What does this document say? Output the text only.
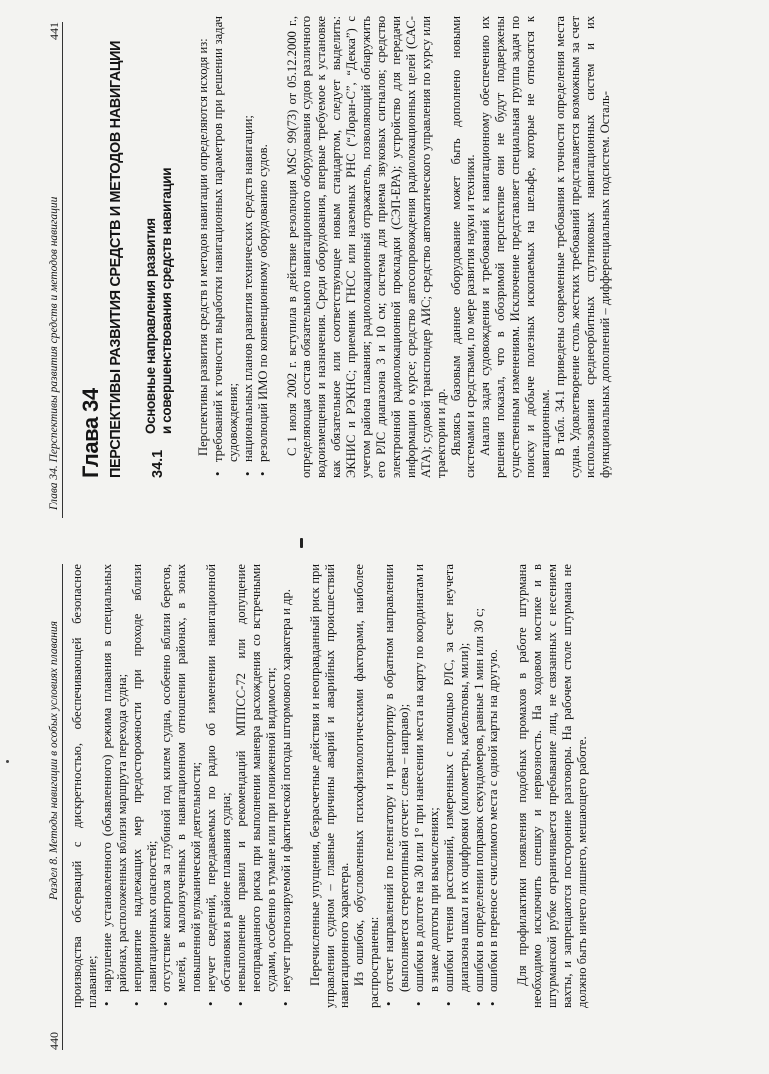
440
Раздел 8. Методы навигации в особых условиях плавания производства обсерваций с дискретностью, обеспечивающей безопасное плавание; •
нарушение установленного (объявленного) режима плавания в специальных районах, расположенных вблизи маршрута перехода судна;
•
непринятие надлежащих мер предосторожности при проходе вблизи навигационных опасностей;
•
отсутствие контроля за глубиной под килем судна, особенно вблизи берегов, мелей, в малоизученных в навигационном отношении районах, в зонах повышенной вулканической деятельности;
•
неучет сведений, передаваемых по радио об изменении навигационной обстановки в районе плавания судна;
•
невыполнение правил и рекомендаций МППСС-72 или допущение неоправданного риска при выполнении маневра расхождения со встречными судами, особенно в тумане или при пониженной видимости;
•
неучет прогнозируемой и фактической погоды штормового характера и др. Перечисленные упущения, безрасчетные действия и неоправданный риск при управлении судном – главные причины аварий и аварийных происшествий навигационного характера. Из ошибок, обусловленных психофизиологическими факторами, наиболее распространены: •
отсчет направлений по пеленгатору и транспортиру в обратном направлении (выполняется стереотипный отсчет: слева – направо);
•
ошибки в долготе на 30 или 1° при нанесении места на карту по координатам и в знаке долготы при вычислениях;
•
ошибки чтения расстояний, измеренных с помощью РЛС, за счет неучета диапазона шкал и их оцифровки (километры, кабельтовы, мили);
•
ошибки в определении поправок секундомеров, равные 1 мин или 30 с;
•
ошибки в переносе счислимого места с одной карты на другую. Для профилактики появления подобных промахов в работе штурмана необходимо исключить спешку и нервозность. На ходовом мостике и в штурманской рубке ограничивается пребывание лиц, не связанных с несением вахты, и запрещаются посторонние разговоры. На рабочем столе штурмана не должно быть ничего лишнего, мешающего работе.

Глава 34. Перспективы развития средств и методов навигации
441
Глава 34 ПЕРСПЕКТИВЫ РАЗВИТИЯ СРЕДСТВ И МЕТОДОВ НАВИГАЦИИ 34.1
Основные направления развития и совершенствования средств навигации Перспективы развития средств и методов навигации определяются исходя из:

•
требований к точности выработки навигационных параметров при решении задач судовождения;
•
национальных планов развития технических средств навигации;
•
резолюций ИМО по конвенционному оборудованию судов. С 1 июля 2002 г. вступила в действие резолюция MSC 99(73) от 05.12.2000 г., определяющая состав обязательного навигационного оборудования судов различного водоизмещения и назначения. Среди оборудования, впервые требуемое к установке как обязательное или соответствующее новым стандартом, следует выделить: ЭКНИС и РЭКНС; приемник ГНСС или наземных РНС (“Лоран-С”, “Декка”) с учетом района плавания; радиолокационный отражатель, позволяющий обнаружить его РЛС диапазона 3 и 10 см; система для приема звуковых сигналов; средство электронной радиолокационной прокладки (СЭП-ЕРА); устройство для передачи информации о курсе; средство автосопровождения радиолокационных целей (САС-АТА); судовой транспондер АИС; средство автоматического управления по курсу или траектории и др. Являясь базовым данное оборудование может быть дополнено новыми системами и средствами, по мере развития науки и техники. Анализ задач судовождения и требований к навигационному обеспечению их решения показал, что в обозримой перспективе они не будут подвержены существенным изменениям. Исключение представляет специальная группа задач по поиску и добыче полезных ископаемых на шельфе, которые не относятся к навигационным. В табл. 34.1 приведены современные требования к точности определения места судна. Удовлетворение столь жестких требований представляется возможным за счет использования среднеорбитных спутниковых навигационных систем и их функциональных дополнений – дифференциальных подсистем. Осталь-
